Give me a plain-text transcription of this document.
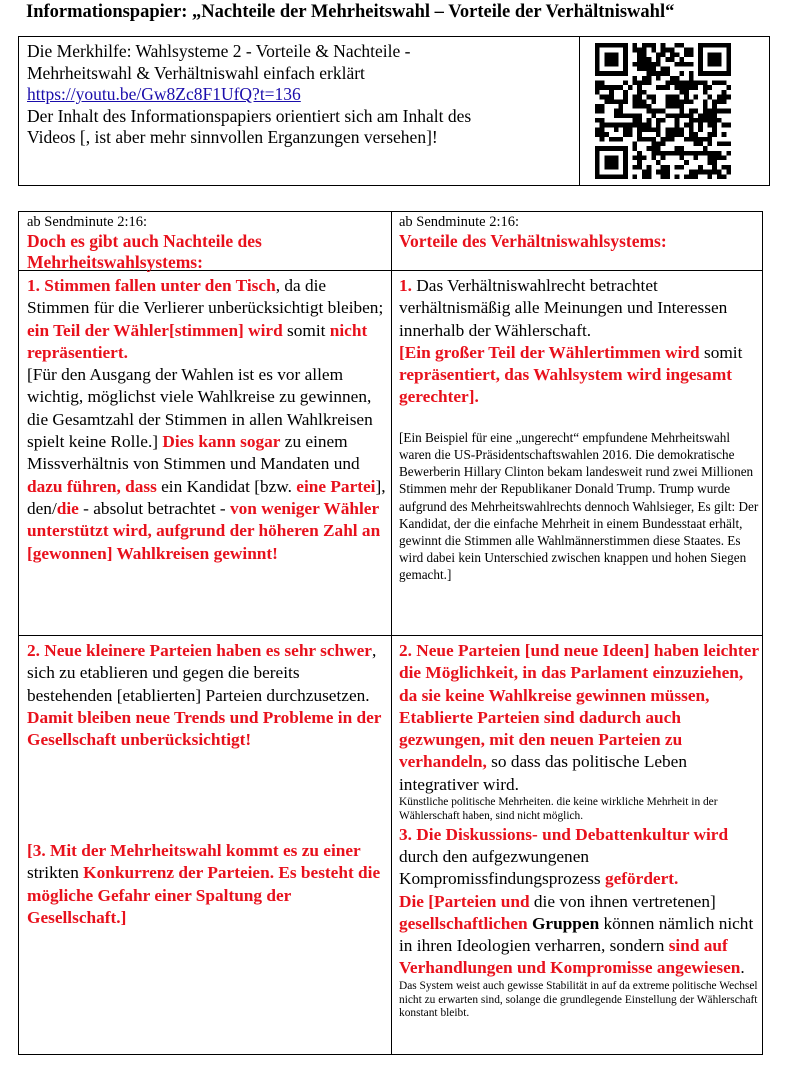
Informationspapier: „Nachteile der Mehrheitswahl – Vorteile der Verhältniswahl“
Die Merkhilfe: Wahlsysteme 2 - Vorteile & Nachteile -
Mehrheitswahl & Verhältniswahl einfach erklärt
https://youtu.be/Gw8Zc8F1UfQ?t=136
Der Inhalt des Informationspapiers orientiert sich am Inhalt des
Videos [, ist aber mehr sinnvollen Erganzungen versehen]!
ab Sendminute 2:16:
Doch es gibt auch Nachteile des Mehrheitswahlsystems:
ab Sendminute 2:16:
Vorteile des Verhältniswahlsystems:

1. Stimmen fallen unter den Tisch, da die Stimmen für die Verlierer unberücksichtigt bleiben; ein Teil der Wähler[stimmen] wird somit nicht repräsentiert.

[Für den Ausgang der Wahlen ist es vor allem wichtig, möglichst viele Wahlkreise zu gewinnen, die Gesamtzahl der Stimmen in allen Wahlkreisen spielt keine Rolle.] Dies kann sogar zu einem Missverhältnis von Stimmen und Mandaten und dazu führen, dass ein Kandidat [bzw. eine Partei], den/die - absolut betrachtet - von weniger Wähler unterstützt wird, aufgrund der höheren Zahl an [gewonnen] Wahlkreisen gewinnt!

1. Das Verhältniswahlrecht betrachtet verhältnismäßig alle Meinungen und Interessen innerhalb der Wählerschaft.

[Ein großer Teil der Wählertimmen wird somit repräsentiert, das Wahlsystem wird ingesamt gerechter].

[Ein Beispiel für eine „ungerecht“ empfundene Mehrheitswahl waren die US-Präsidentschaftswahlen 2016. Die demokratische Bewerberin Hillary Clinton bekam landesweit rund zwei Millionen Stimmen mehr der Republikaner Donald Trump. Trump wurde aufgrund des Mehrheitswahlrechts dennoch Wahlsieger, Es gilt: Der Kandidat, der die einfache Mehrheit in einem Bundesstaat erhält, gewinnt die Stimmen alle Wahlmännerstimmen diese Staates. Es wird dabei kein Unterschied zwischen knappen und hohen Siegen gemacht.]

2. Neue kleinere Parteien haben es sehr schwer, sich zu etablieren und gegen die bereits bestehenden [etablierten] Parteien durchzusetzen. Damit bleiben neue Trends und Probleme in der Gesellschaft unberücksichtigt!

[3. Mit der Mehrheitswahl kommt es zu einer strikten Konkurrenz der Parteien. Es besteht die mögliche Gefahr einer Spaltung der Gesellschaft.]

2. Neue Parteien [und neue Ideen] haben leichter die Möglichkeit, in das Parlament einzuziehen, da sie keine Wahlkreise gewinnen müssen, Etablierte Parteien sind dadurch auch gezwungen, mit den neuen Parteien zu verhandeln, so dass das politische Leben integrativer wird.

Künstliche politische Mehrheiten. die keine wirkliche Mehrheit in der Wählerschaft haben, sind nicht möglich.

3. Die Diskussions- und Debattenkultur wird durch den aufgezwungenen Kompromissfindungsprozess gefördert.

Die [Parteien und die von ihnen vertretenen] gesellschaftlichen Gruppen können nämlich nicht in ihren Ideologien verharren, sondern sind auf Verhandlungen und Kompromisse angewiesen.

Das System weist auch gewisse Stabilität in auf da extreme politische Wechsel nicht zu erwarten sind, solange die grundlegende Einstellung der Wählerschaft konstant bleibt.
